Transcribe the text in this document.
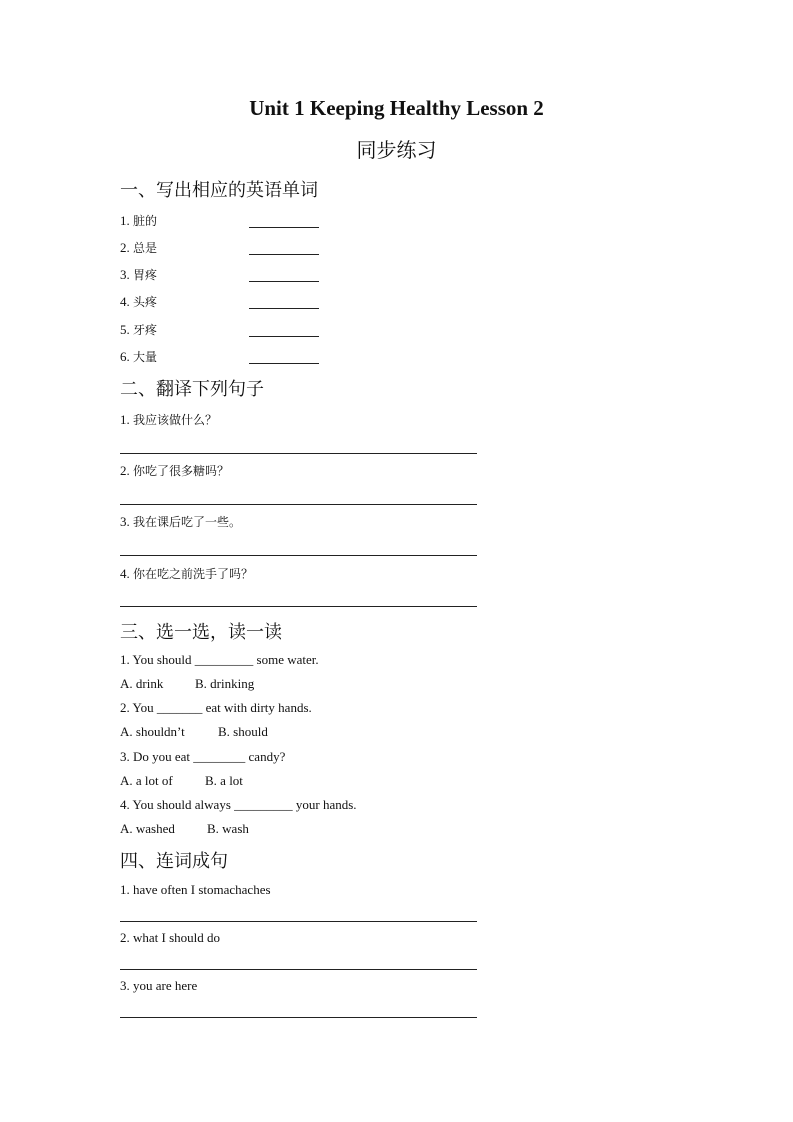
Unit 1 Keeping Healthy Lesson 2
同步练习
一、写出相应的英语单词
1. 脏的
2. 总是
3. 胃疼
4. 头疼
5. 牙疼
6. 大量
二、翻译下列句子
1. 我应该做什么？
2. 你吃了很多糖吗？
3. 我在课后吃了一些。
4. 你在吃之前洗手了吗？
三、选一选，读一读
1. You should _________ some water.
A. drink B. drinking
2. You _______ eat with dirty hands.
A. shouldn’t	B. should
3. Do you eat ________ candy?
A. a lot of B. a lot
4. You should always _________ your hands.
A. washed B. wash
四、连词成句
1. have often I stomachaches
2. what I should do
3. you are here
